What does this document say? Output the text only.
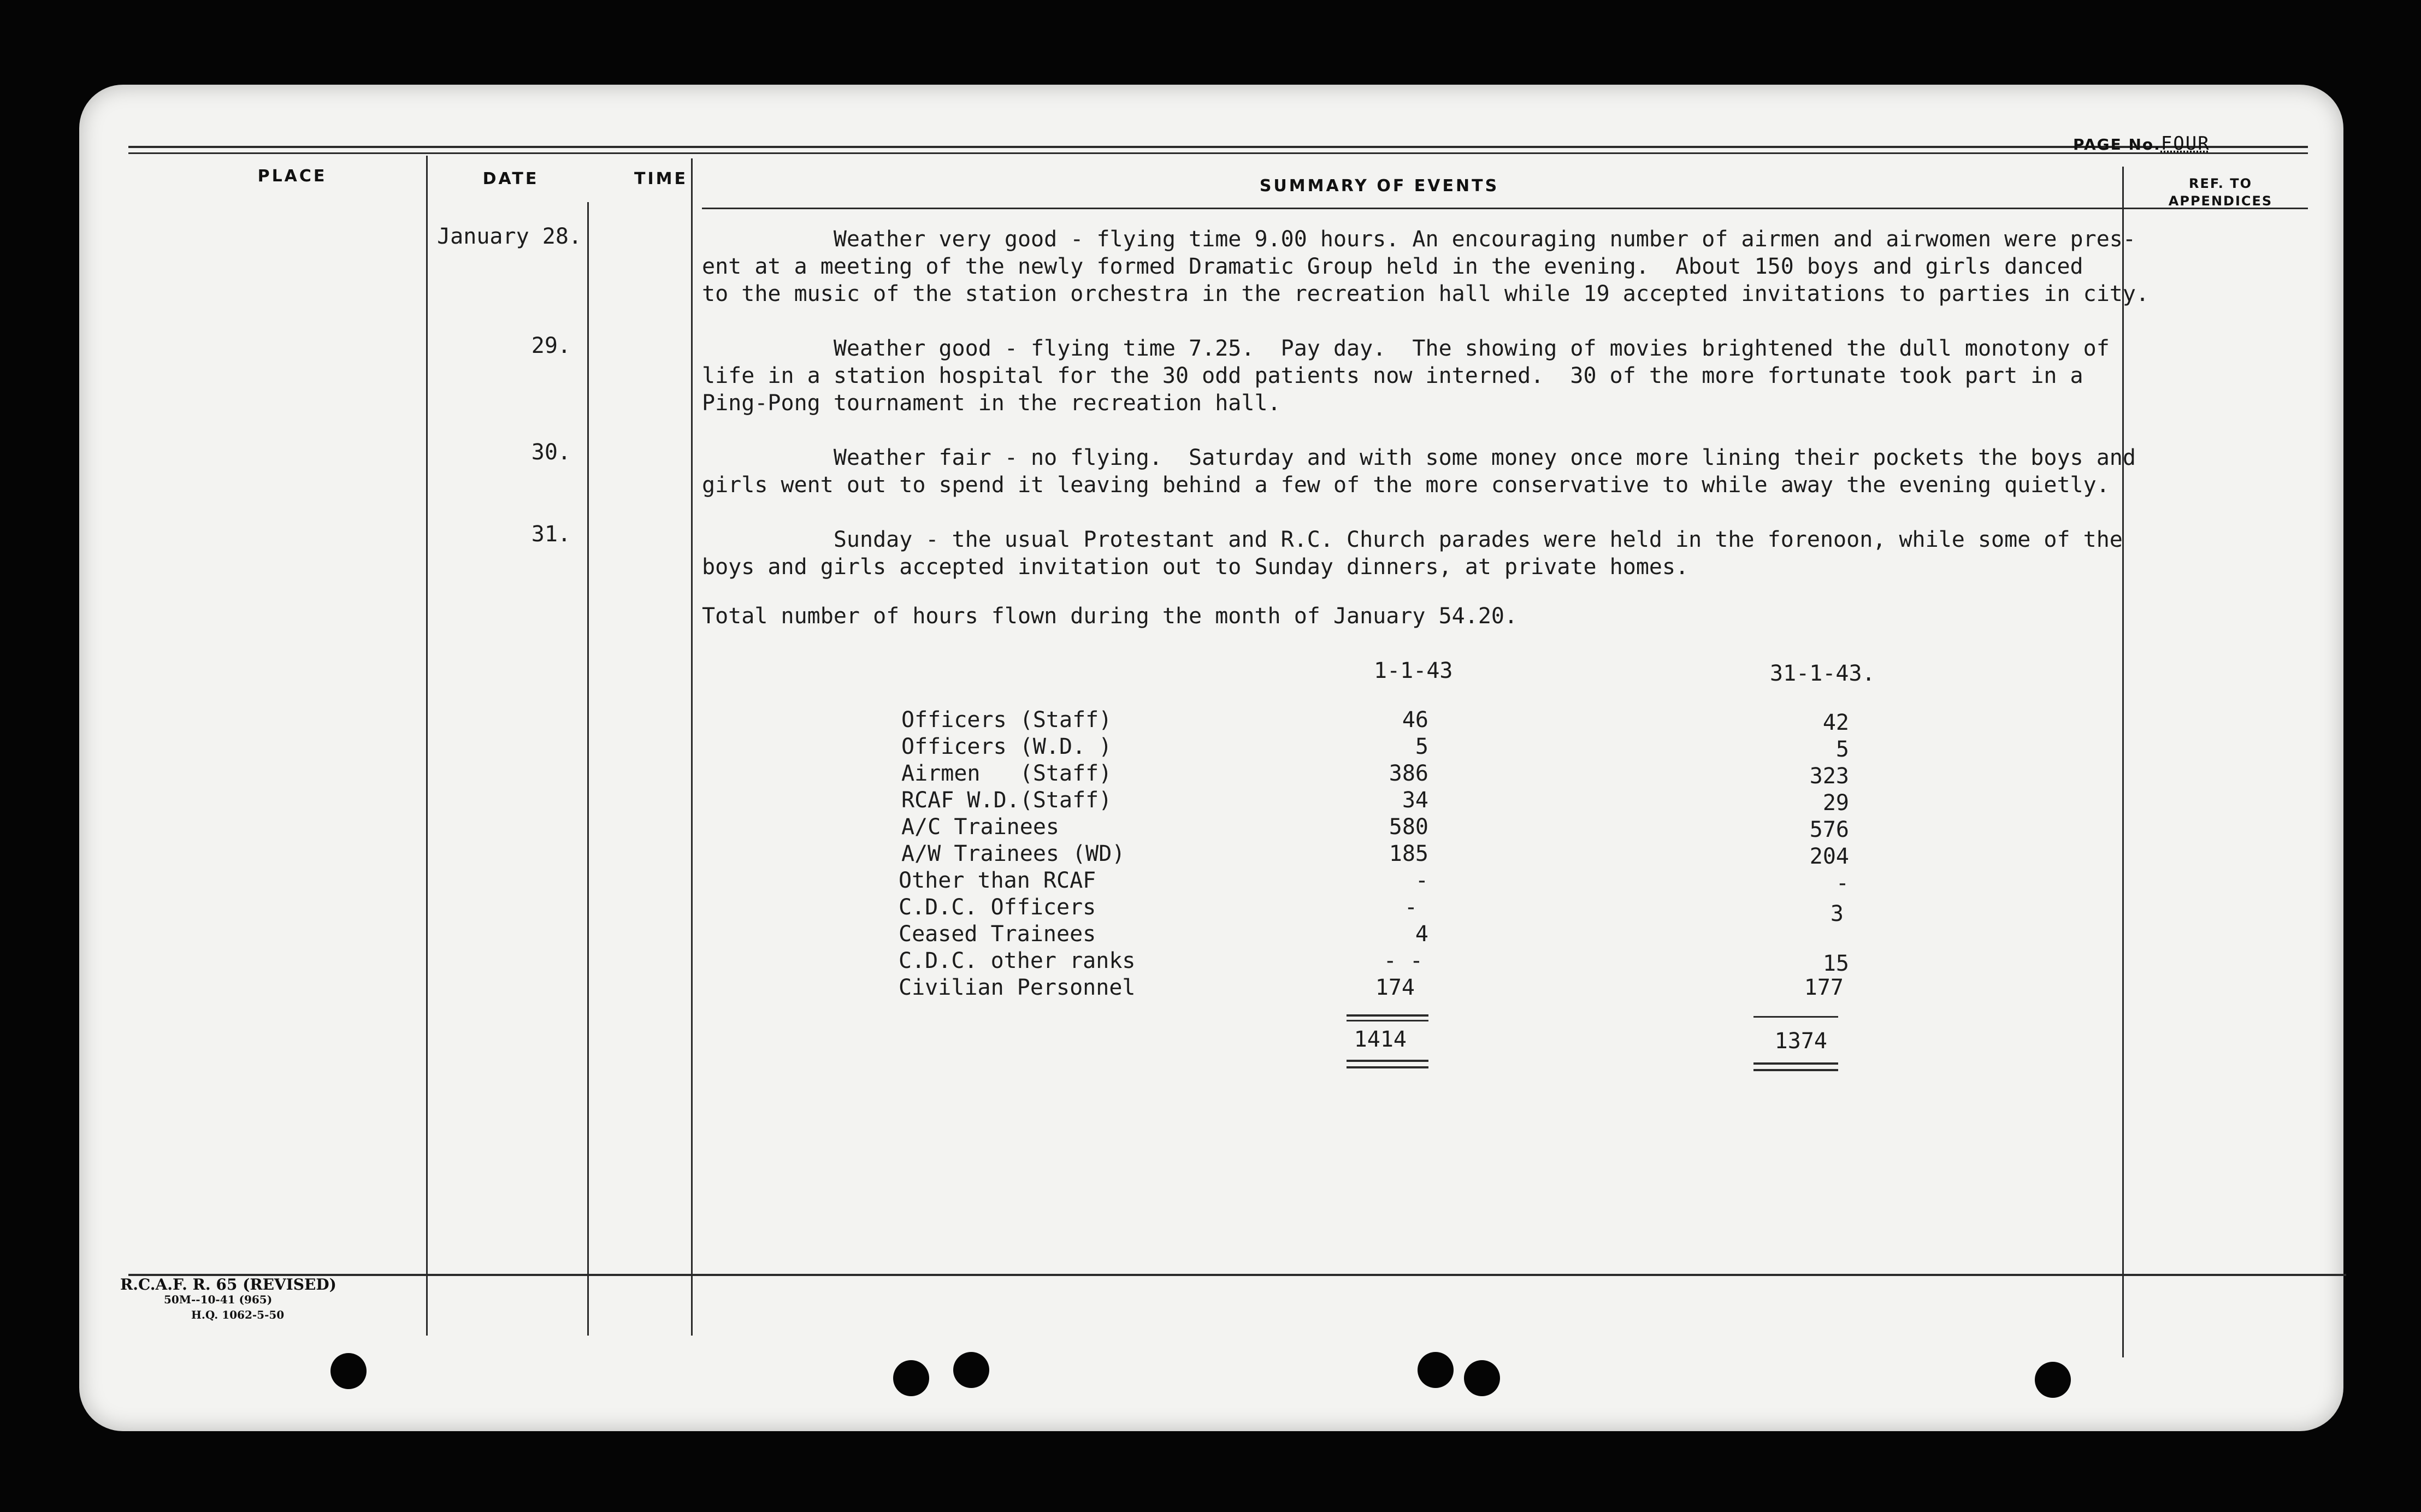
PAGE No.FOUR
PLACE	DATE	TIME	SUMMARY OF EVENTS	REF. TO
APPENDICES
January 28.	Weather very good - flying time 9.00 hours. An encouraging number of airmen and airwomen were pres-
ent at a meeting of the newly formed Dramatic Group held in the evening.  About 150 boys and girls danced
to the music of the station orchestra in the recreation hall while 19 accepted invitations to parties in city.
29.	Weather good - flying time 7.25.  Pay day.  The showing of movies brightened the dull monotony of
life in a station hospital for the 30 odd patients now interned.  30 of the more fortunate took part in a
Ping-Pong tournament in the recreation hall.
30.	Weather fair - no flying.  Saturday and with some money once more lining their pockets the boys and
girls went out to spend it leaving behind a few of the more conservative to while away the evening quietly.
31.	Sunday - the usual Protestant and R.C. Church parades were held in the forenoon, while some of the
boys and girls accepted invitation out to Sunday dinners, at private homes.
Total number of hours flown during the month of January 54.20.
1-1-43	31-1-43.
Officers (Staff)	46	42
Officers (W.D. )	5	5
Airmen   (Staff)	386	323
RCAF W.D.(Staff)	34	29
A/C Trainees	580	576
A/W Trainees (WD)	185	204
Other than RCAF	-	-
C.D.C. Officers	-	3
Ceased Trainees	4
C.D.C. other ranks	- -	15
Civilian Personnel	174	177
1414	1374
R.C.A.F. R. 65 (REVISED)
50M--10-41 (965)
H.Q. 1062-5-50
